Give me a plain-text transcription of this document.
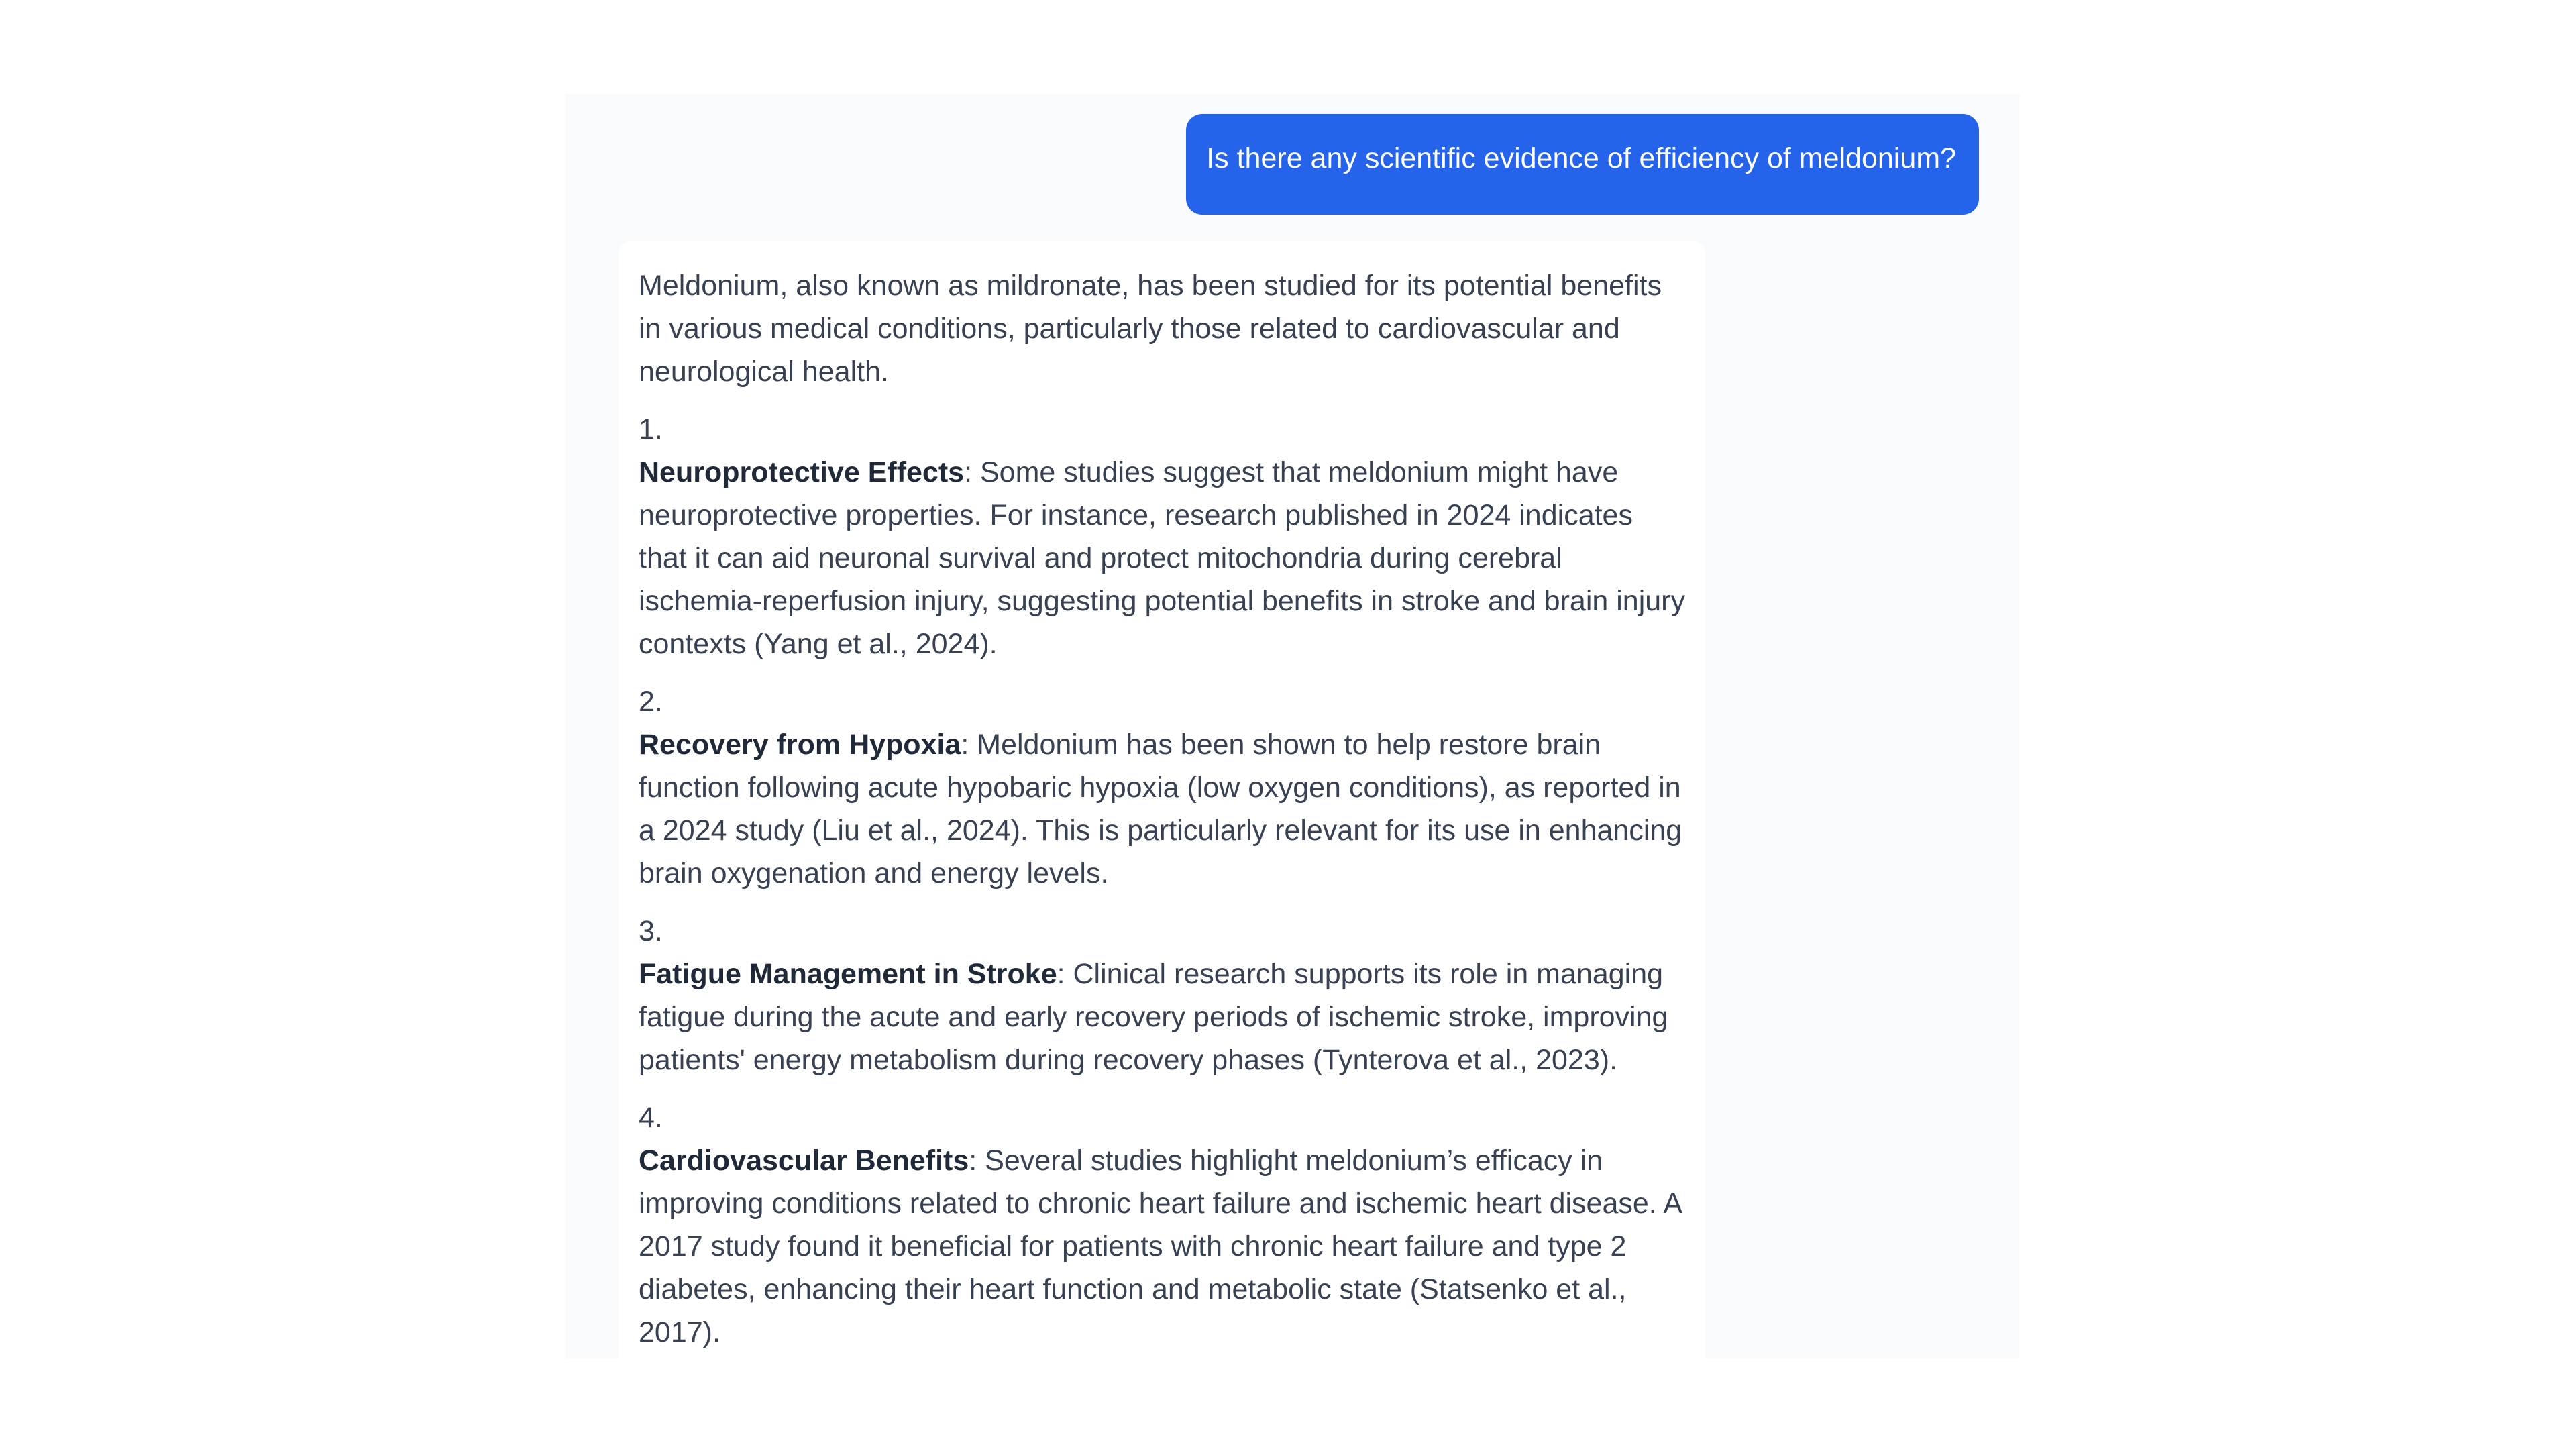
Is there any scientific evidence of efficiency of meldonium?

Meldonium, also known as mildronate, has been studied for its potential benefits in various medical conditions, particularly those related to cardiovascular and neurological health.

1.
Neuroprotective Effects: Some studies suggest that meldonium might have neuroprotective properties. For instance, research published in 2024 indicates that it can aid neuronal survival and protect mitochondria during cerebral ischemia-reperfusion injury, suggesting potential benefits in stroke and brain injury contexts (Yang et al., 2024).
2.
Recovery from Hypoxia: Meldonium has been shown to help restore brain function following acute hypobaric hypoxia (low oxygen conditions), as reported in a 2024 study (Liu et al., 2024). This is particularly relevant for its use in enhancing brain oxygenation and energy levels.
3.
Fatigue Management in Stroke: Clinical research supports its role in managing fatigue during the acute and early recovery periods of ischemic stroke, improving patients' energy metabolism during recovery phases (Tynterova et al., 2023).
4.
Cardiovascular Benefits: Several studies highlight meldonium’s efficacy in improving conditions related to chronic heart failure and ischemic heart disease. A 2017 study found it beneficial for patients with chronic heart failure and type 2 diabetes, enhancing their heart function and metabolic state (Statsenko et al., 2017).
